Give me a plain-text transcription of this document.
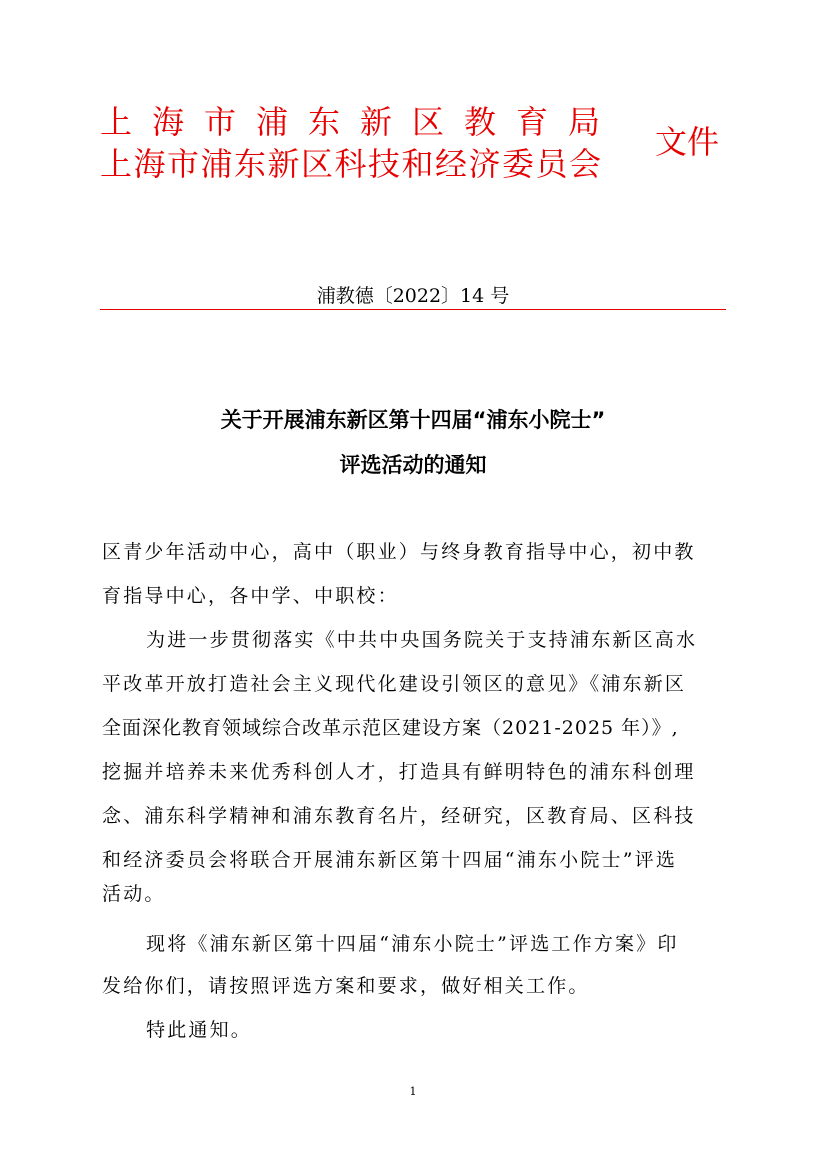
上海市浦东新区教育局
上海市浦东新区科技和经济委员会
文件
浦教德〔2022〕14 号
关于开展浦东新区第十四届“浦东小院士”
评选活动的通知
区青少年活动中心，高中（职业）与终身教育指导中心，初中教
育指导中心，各中学、中职校：
为进一步贯彻落实《中共中央国务院关于支持浦东新区高水
平改革开放打造社会主义现代化建设引领区的意见》《浦东新区
全面深化教育领域综合改革示范区建设方案（2021-2025 年）》,
挖掘并培养未来优秀科创人才，打造具有鲜明特色的浦东科创理
念、浦东科学精神和浦东教育名片，经研究，区教育局、区科技
和经济委员会将联合开展浦东新区第十四届“浦东小院士”评选
活动。
现将《浦东新区第十四届“浦东小院士”评选工作方案》印
发给你们，请按照评选方案和要求，做好相关工作。
特此通知。
1
